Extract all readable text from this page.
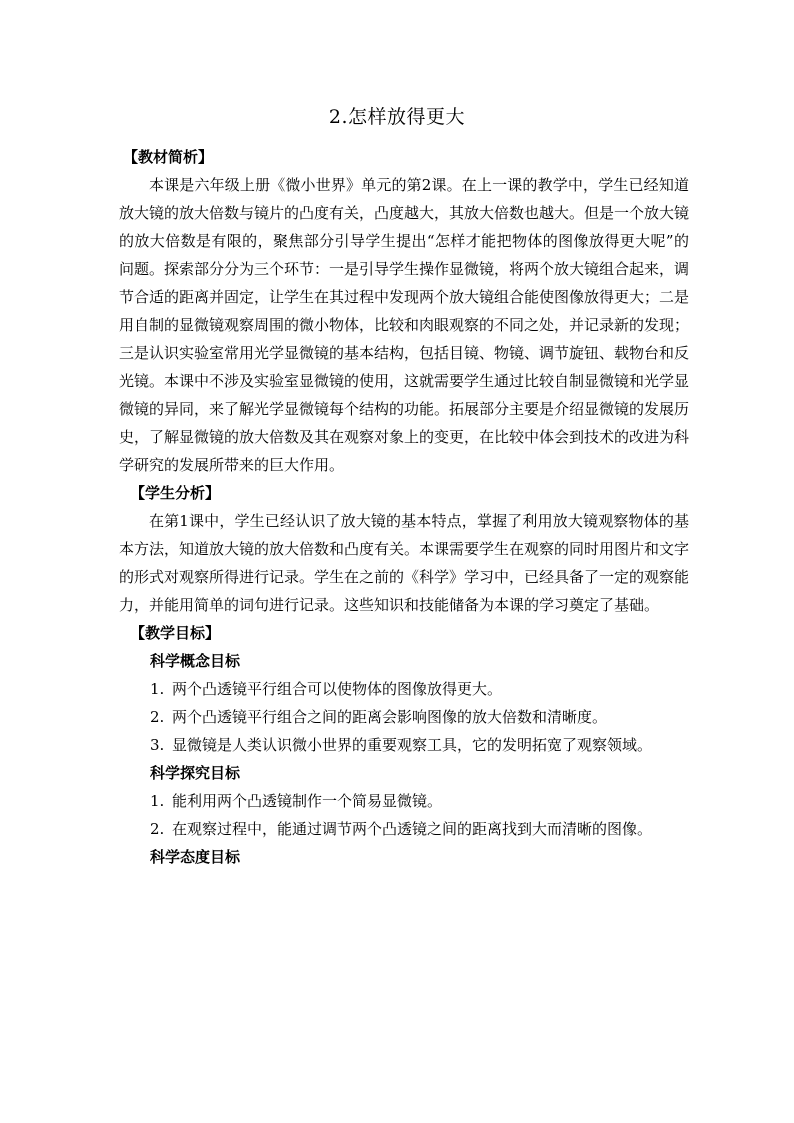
2.怎样放得更大

【教材简析】

本课是六年级上册《微小世界》单元的第2课。在上一课的教学中，学生已经知道放大镜的放大倍数与镜片的凸度有关，凸度越大，其放大倍数也越大。但是一个放大镜的放大倍数是有限的，聚焦部分引导学生提出“怎样才能把物体的图像放得更大呢”的问题。探索部分分为三个环节：一是引导学生操作显微镜，将两个放大镜组合起来，调节合适的距离并固定，让学生在其过程中发现两个放大镜组合能使图像放得更大；二是用自制的显微镜观察周围的微小物体，比较和肉眼观察的不同之处，并记录新的发现；三是认识实验室常用光学显微镜的基本结构，包括目镜、物镜、调节旋钮、载物台和反光镜。本课中不涉及实验室显微镜的使用，这就需要学生通过比较自制显微镜和光学显微镜的异同，来了解光学显微镜每个结构的功能。拓展部分主要是介绍显微镜的发展历史，了解显微镜的放大倍数及其在观察对象上的变更，在比较中体会到技术的改进为科学研究的发展所带来的巨大作用。

【学生分析】

在第1课中，学生已经认识了放大镜的基本特点，掌握了利用放大镜观察物体的基本方法，知道放大镜的放大倍数和凸度有关。本课需要学生在观察的同时用图片和文字的形式对观察所得进行记录。学生在之前的《科学》学习中，已经具备了一定的观察能力，并能用简单的词句进行记录。这些知识和技能储备为本课的学习奠定了基础。

【教学目标】

科学概念目标

1. 两个凸透镜平行组合可以使物体的图像放得更大。

2. 两个凸透镜平行组合之间的距离会影响图像的放大倍数和清晰度。

3. 显微镜是人类认识微小世界的重要观察工具，它的发明拓宽了观察领域。

科学探究目标

1. 能利用两个凸透镜制作一个简易显微镜。

2. 在观察过程中，能通过调节两个凸透镜之间的距离找到大而清晰的图像。

科学态度目标
